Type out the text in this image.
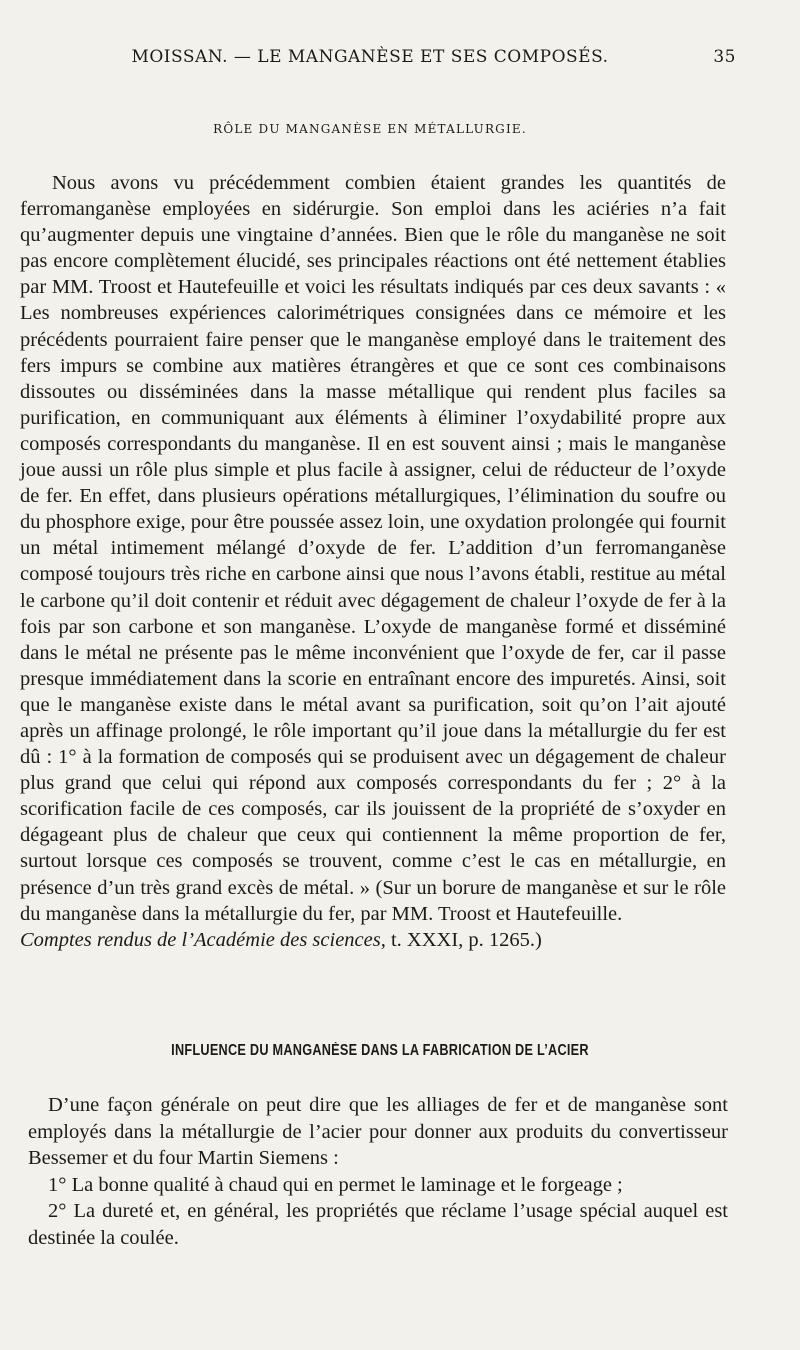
MOISSAN. — LE MANGANÈSE ET SES COMPOSÉS.	35
RÔLE DU MANGANÈSE EN MÉTALLURGIE.

Nous avons vu précédemment combien étaient grandes les quantités de ferromanganèse employées en sidérurgie. Son emploi dans les aciéries n’a fait qu’augmenter depuis une vingtaine d’années. Bien que le rôle du manganèse ne soit pas encore complètement élucidé, ses principales réactions ont été nettement établies par MM. Troost et Hautefeuille et voici les résultats indiqués par ces deux savants : « Les nombreuses expériences calorimétriques consignées dans ce mémoire et les précédents pourraient faire penser que le manganèse employé dans le traitement des fers impurs se combine aux matières étrangères et que ce sont ces combinaisons dissoutes ou disséminées dans la masse métallique qui rendent plus faciles sa purification, en communiquant aux éléments à éliminer l’oxydabilité propre aux composés correspondants du manganèse. Il en est souvent ainsi ; mais le manganèse joue aussi un rôle plus simple et plus facile à assigner, celui de réducteur de l’oxyde de fer. En effet, dans plusieurs opérations métallurgiques, l’élimination du soufre ou du phosphore exige, pour être poussée assez loin, une oxydation prolongée qui fournit un métal intimement mélangé d’oxyde de fer. L’addition d’un ferromanganèse composé toujours très riche en carbone ainsi que nous l’avons établi, restitue au métal le carbone qu’il doit contenir et réduit avec dégagement de chaleur l’oxyde de fer à la fois par son carbone et son manganèse. L’oxyde de manganèse formé et disséminé dans le métal ne présente pas le même inconvénient que l’oxyde de fer, car il passe presque immédiatement dans la scorie en entraînant encore des impuretés. Ainsi, soit que le manganèse existe dans le métal avant sa purification, soit qu’on l’ait ajouté après un affinage prolongé, le rôle important qu’il joue dans la métallurgie du fer est dû : 1° à la formation de composés qui se produisent avec un dégagement de chaleur plus grand que celui qui répond aux composés correspondants du fer ; 2° à la scorification facile de ces composés, car ils jouissent de la propriété de s’oxyder en dégageant plus de chaleur que ceux qui contiennent la même proportion de fer, surtout lorsque ces composés se trouvent, comme c’est le cas en métallurgie, en présence d’un très grand excès de métal. » (Sur un borure de manganèse et sur le rôle du manganèse dans la métallurgie du fer, par MM. Troost et Hautefeuille.
Comptes rendus de l’Académie des sciences, t. XXXI, p. 1265.)

INFLUENCE DU MANGANÈSE DANS LA FABRICATION DE L’ACIER

D’une façon générale on peut dire que les alliages de fer et de manganèse sont employés dans la métallurgie de l’acier pour donner aux produits du convertisseur Bessemer et du four Martin Siemens :

1° La bonne qualité à chaud qui en permet le laminage et le forgeage ;

2° La dureté et, en général, les propriétés que réclame l’usage spécial auquel est destinée la coulée.
